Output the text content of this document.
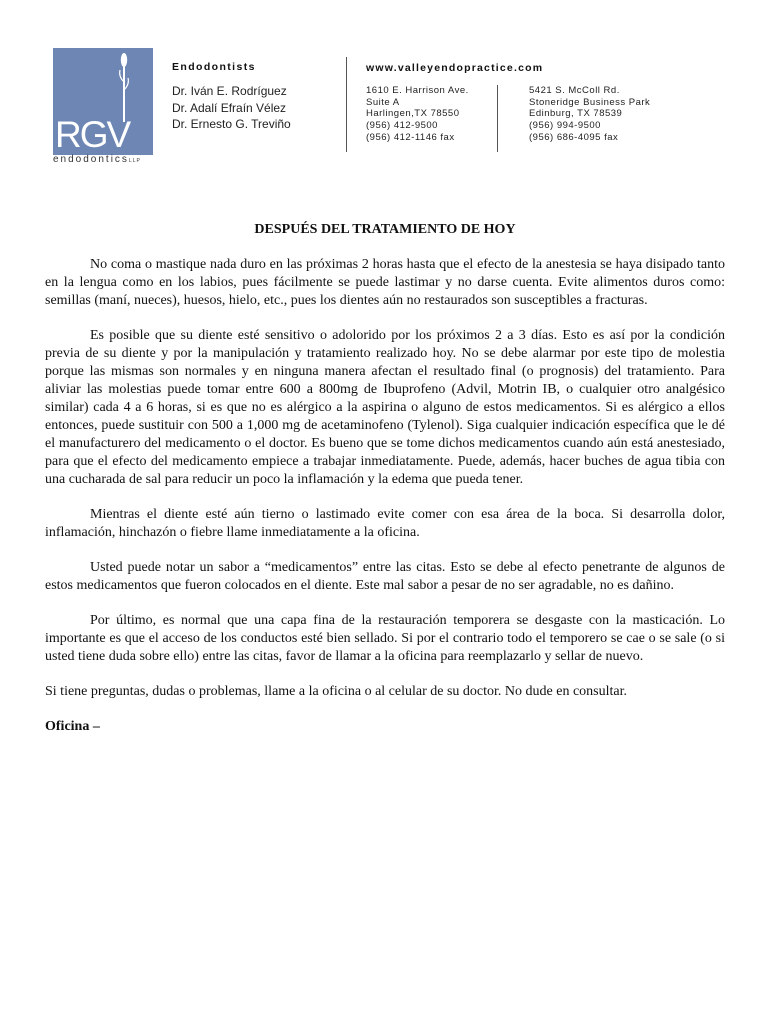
RGV
endodonticsLLP
Endodontists
Dr. Iván E. Rodríguez
Dr. Adalí Efraín Vélez
Dr. Ernesto G. Treviño
www.valleyendopractice.com
1610 E. Harrison Ave.
Suite A
Harlingen,TX 78550
(956) 412-9500
(956) 412-1146 fax
5421 S. McColl Rd.
Stoneridge Business Park
Edinburg, TX 78539
(956) 994-9500
(956) 686-4095 fax

DESPUÉS DEL TRATAMIENTO DE HOY

No coma o mastique nada duro en las próximas 2 horas hasta que el efecto de la anestesia se haya disipado tanto en la lengua como en los labios, pues fácilmente se puede lastimar y no darse cuenta. Evite alimentos duros como: semillas (maní, nueces), huesos, hielo, etc., pues los dientes aún no restaurados son susceptibles a fracturas.

Es posible que su diente esté sensitivo o adolorido por los próximos 2 a 3 días. Esto es así por la condición previa de su diente y por la manipulación y tratamiento realizado hoy. No se debe alarmar por este tipo de molestia porque las mismas son normales y en ninguna manera afectan el resultado final (o prognosis) del tratamiento. Para aliviar las molestias puede tomar entre 600 a 800mg de Ibuprofeno (Advil, Motrin IB, o cualquier otro analgésico similar) cada 4 a 6 horas, si es que no es alérgico a la aspirina o alguno de estos medicamentos. Si es alérgico a ellos entonces, puede sustituir con 500 a 1,000 mg de acetaminofeno (Tylenol). Siga cualquier indicación específica que le dé el manufacturero del medicamento o el doctor. Es bueno que se tome dichos medicamentos cuando aún está anestesiado, para que el efecto del medicamento empiece a trabajar inmediatamente. Puede, además, hacer buches de agua tibia con una cucharada de sal para reducir un poco la inflamación y la edema que pueda tener.

Mientras el diente esté aún tierno o lastimado evite comer con esa área de la boca. Si desarrolla dolor, inflamación, hinchazón o fiebre llame inmediatamente a la oficina.

Usted puede notar un sabor a “medicamentos” entre las citas. Esto se debe al efecto penetrante de algunos de estos medicamentos que fueron colocados en el diente. Este mal sabor a pesar de no ser agradable, no es dañino.

Por último, es normal que una capa fina de la restauración temporera se desgaste con la masticación. Lo importante es que el acceso de los conductos esté bien sellado. Si por el contrario todo el temporero se cae o se sale (o si usted tiene duda sobre ello) entre las citas, favor de llamar a la oficina para reemplazarlo y sellar de nuevo.

Si tiene preguntas, dudas o problemas, llame a la oficina o al celular de su doctor. No dude en consultar.

Oficina –
